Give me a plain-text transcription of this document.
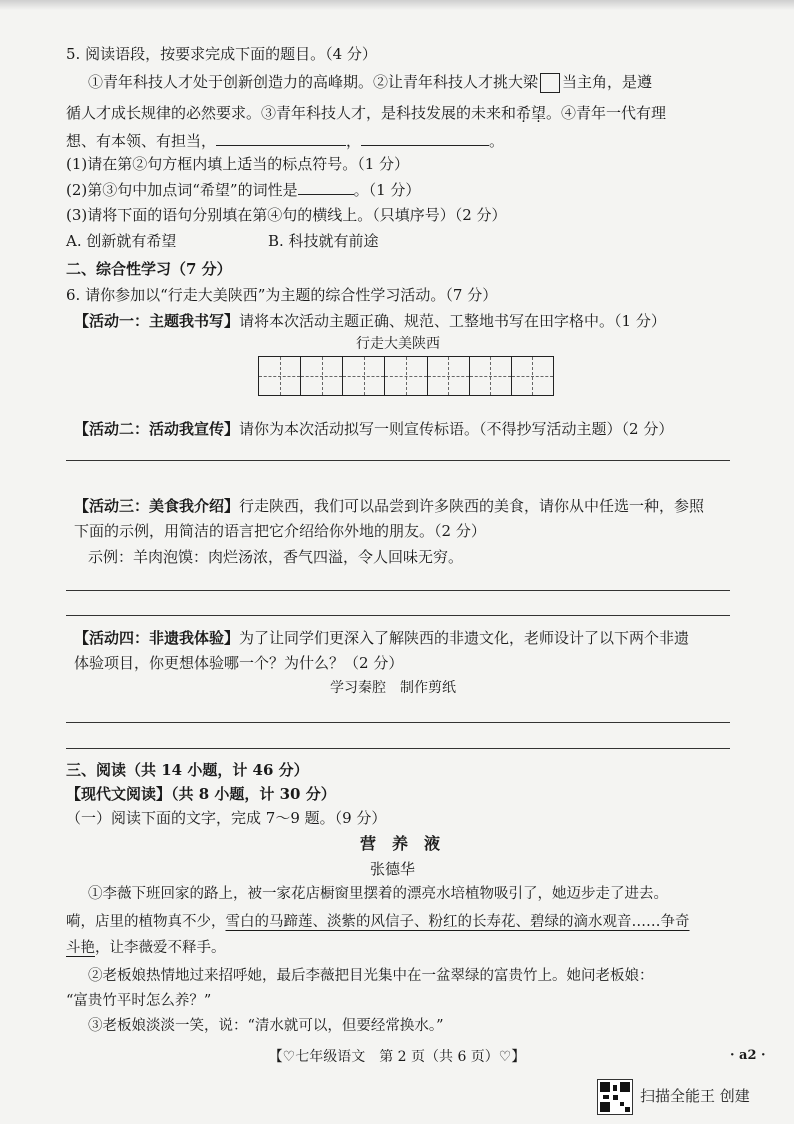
5. 阅读语段，按要求完成下面的题目。（4 分）
①青年科技人才处于创新创造力的高峰期。②让青年科技人才挑大梁 当主角，是遵
循人才成长规律的必然要求。③青年科技人才，是科技发展的未来和希望。④青年一代有理
想、有本领、有担当，	，	。
(1)请在第②句方框内填上适当的标点符号。（1 分）
(2)第③句中加点词“希望”的词性是	。（1 分）
(3)请将下面的语句分别填在第④句的横线上。（只填序号）（2 分）
A. 创新就有希望	B. 科技就有前途
二、综合性学习（7 分）
6. 请你参加以“行走大美陕西”为主题的综合性学习活动。（7 分）
【活动一：主题我书写】请将本次活动主题正确、规范、工整地书写在田字格中。（1 分）
行走大美陕西
【活动二：活动我宣传】请你为本次活动拟写一则宣传标语。（不得抄写活动主题）（2 分）
【活动三：美食我介绍】行走陕西，我们可以品尝到许多陕西的美食，请你从中任选一种，参照
下面的示例，用简洁的语言把它介绍给你外地的朋友。（2 分）
示例：羊肉泡馍：肉烂汤浓，香气四溢，令人回味无穷。
【活动四：非遗我体验】为了让同学们更深入了解陕西的非遗文化，老师设计了以下两个非遗
体验项目，你更想体验哪一个？为什么？（2 分）
学习秦腔　制作剪纸
三、阅读（共 14 小题，计 46 分）
【现代文阅读】（共 8 小题，计 30 分）
（一）阅读下面的文字，完成 7～9 题。（9 分）
营　养　液
张德华
①李薇下班回家的路上，被一家花店橱窗里摆着的漂亮水培植物吸引了，她迈步走了进去。
嗬，店里的植物真不少，雪白的马蹄莲、淡紫的风信子、粉红的长寿花、碧绿的滴水观音……争奇
斗艳，让李薇爱不释手。
②老板娘热情地过来招呼她，最后李薇把目光集中在一盆翠绿的富贵竹上。她问老板娘：
“富贵竹平时怎么养？”
③老板娘淡淡一笑，说：“清水就可以，但要经常换水。”
【♡七年级语文　第 2 页（共 6 页）♡】	· a2 ·
扫描全能王 创建
